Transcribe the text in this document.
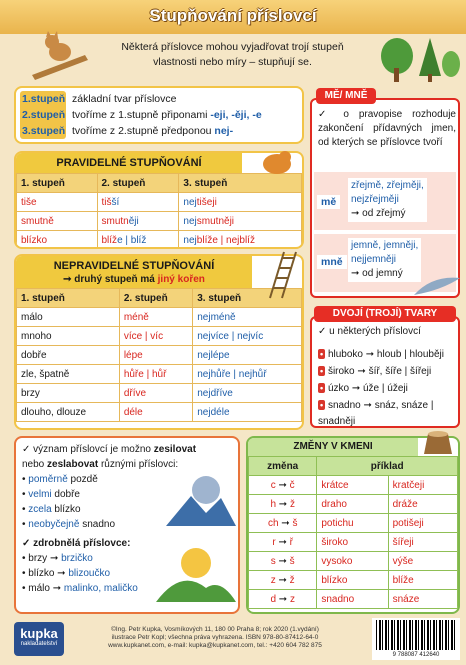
Stupňování příslovcí
Některá příslovce mohou vyjadřovat trojí stupeň
vlastnosti nebo míry – stupňují se.
1.stupeň základní tvar příslovce
2.stupeň tvoříme z 1.stupně připonami -eji, -ěji, -e
3.stupeň tvoříme z 2.stupně předponou nej-
PRAVIDELNÉ STUPŇOVÁNÍ
1. stupeň	2. stupeň	3. stupeň
tiše	tišší	nejtišeji
smutně	smutněji	nejsmutněji
blízko	blíže | blíž	nejblíže | nejblíž
NEPRAVIDELNÉ STUPŇOVÁNÍ
➞ druhý stupeň má jiný kořen
1. stupeň	2. stupeň	3. stupeň
málo	méně	nejméně
mnoho	více | víc	nejvíce | nejvíc
dobře	lépe	nejlépe
zle, špatně	hůře | hůř	nejhůře | nejhůř
brzy	dříve	nejdříve
dlouho, dlouze	déle	nejdéle
MĚ/ MNĚ
✓ o pravopise rozhoduje zakončení přídavných jmen, od kterých se příslovce tvoří
mě
zřejmě, zřejměji,
nejzřejměji
➞ od zřejmý
mně
jemně, jemněji,
nejjemněji
➞ od jemný
DVOJÍ (TROJÍ) TVARY
✓ u některých příslovcí
• hluboko ➞ hloub | hlouběji
• široko ➞ šíř, šíře | šířeji
• úzko ➞ úže | úžeji
• snadno ➞ snáz, snáze | snadněji
✓ význam příslovcí je možno zesilovat
nebo zeslabovat různými příslovci:
• poměrně pozdě
• velmi dobře
• zcela blízko
• neobyčejně snadno
✓ zdrobnělá příslovce:
• brzy ➞ brzičko
• blízko ➞ blizoučko
• málo ➞ malinko, maličko
ZMĚNY V KMENI
změna	příklad	
c ➞ č	krátce	kratčeji
h ➞ ž	draho	dráže
ch ➞ š	potichu	potišeji
r ➞ ř	široko	šířeji
s ➞ š	vysoko	výše
z ➞ ž	blízko	blíže
d ➞ z	snadno	snáze
kupka
nakladatelství
©Ing. Petr Kupka, Vosmíkových 11, 180 00 Praha 8; rok 2020 (1.vydání)
ilustrace Petr Kopl; všechna práva vyhrazena. ISBN 978-80-87412-64-0
www.kupkanet.com, e-mail: kupka@kupkanet.com, tel.: +420 604 782 875
9 788087 412640
